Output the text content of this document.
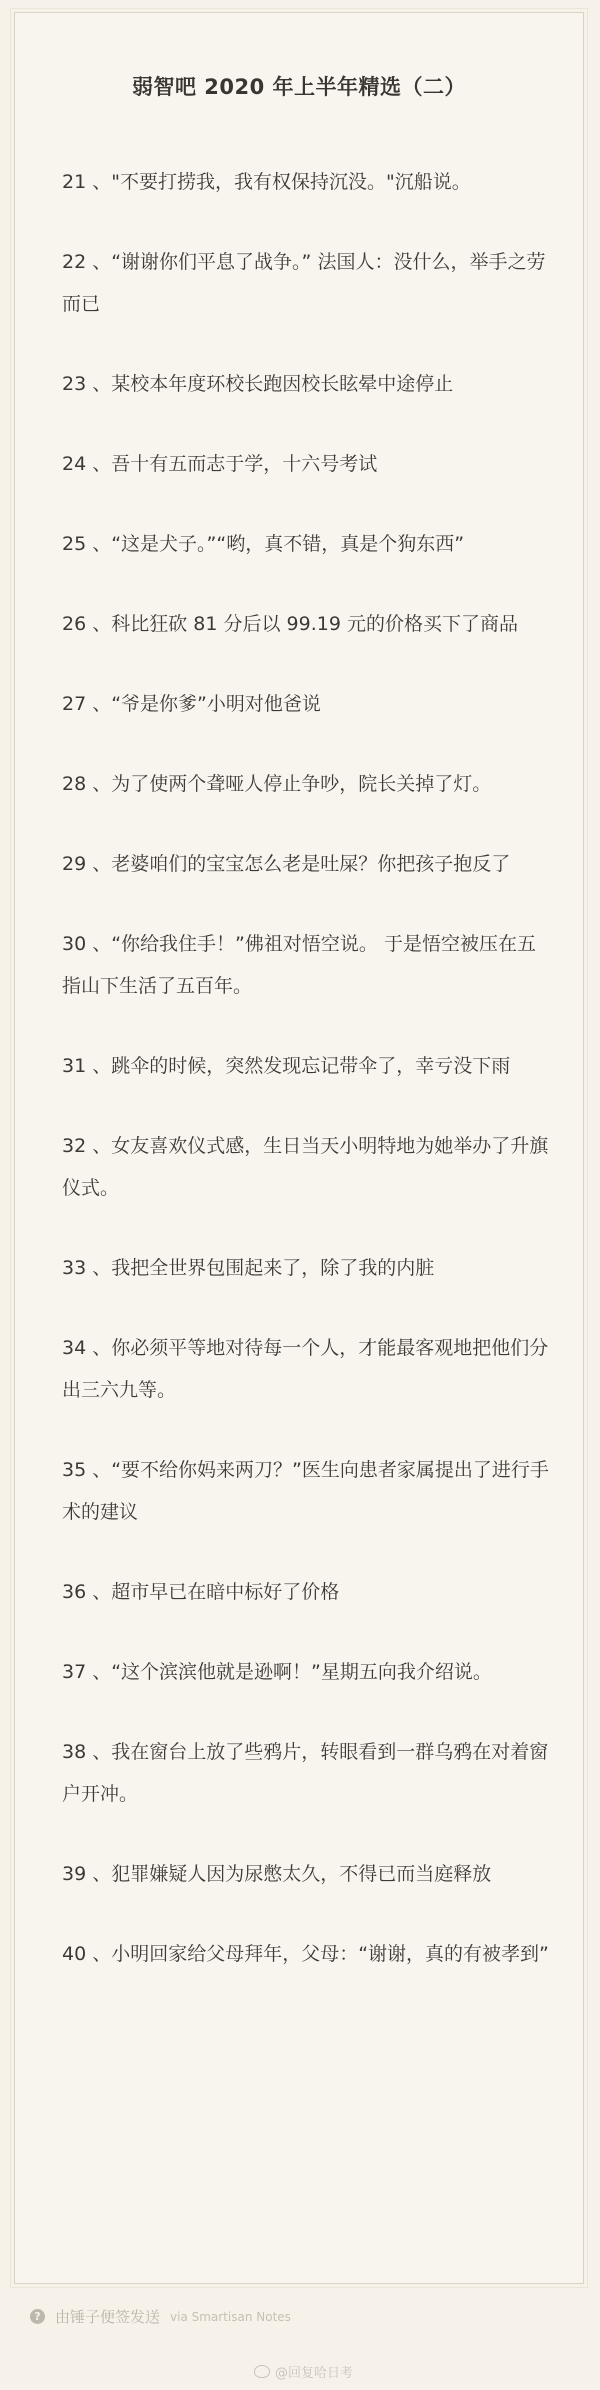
弱智吧 2020 年上半年精选（二）
21 、"不要打捞我，我有权保持沉没。"沉船说。
22 、“谢谢你们平息了战争。” 法国人：没什么，举手之劳而已
23 、某校本年度环校长跑因校长眩晕中途停止
24 、吾十有五而志于学，十六号考试
25 、“这是犬子。”“哟，真不错，真是个狗东西”
26 、科比狂砍 81 分后以 99.19 元的价格买下了商品
27 、“爷是你爹”小明对他爸说
28 、为了使两个聋哑人停止争吵，院长关掉了灯。
29 、老婆咱们的宝宝怎么老是吐屎？你把孩子抱反了
30 、“你给我住手！”佛祖对悟空说。 于是悟空被压在五指山下生活了五百年。
31 、跳伞的时候，突然发现忘记带伞了，幸亏没下雨
32 、女友喜欢仪式感，生日当天小明特地为她举办了升旗仪式。
33 、我把全世界包围起来了，除了我的内脏
34 、你必须平等地对待每一个人，才能最客观地把他们分出三六九等。
35 、“要不给你妈来两刀？”医生向患者家属提出了进行手术的建议
36 、超市早已在暗中标好了价格
37 、“这个滨滨他就是逊啊！”星期五向我介绍说。
38 、我在窗台上放了些鸦片，转眼看到一群乌鸦在对着窗户开冲。
39 、犯罪嫌疑人因为尿憋太久，不得已而当庭释放
40 、小明回家给父母拜年，父母：“谢谢，真的有被孝到”
? 由锤子便签发送 via Smartisan Notes
@回复哈日考
